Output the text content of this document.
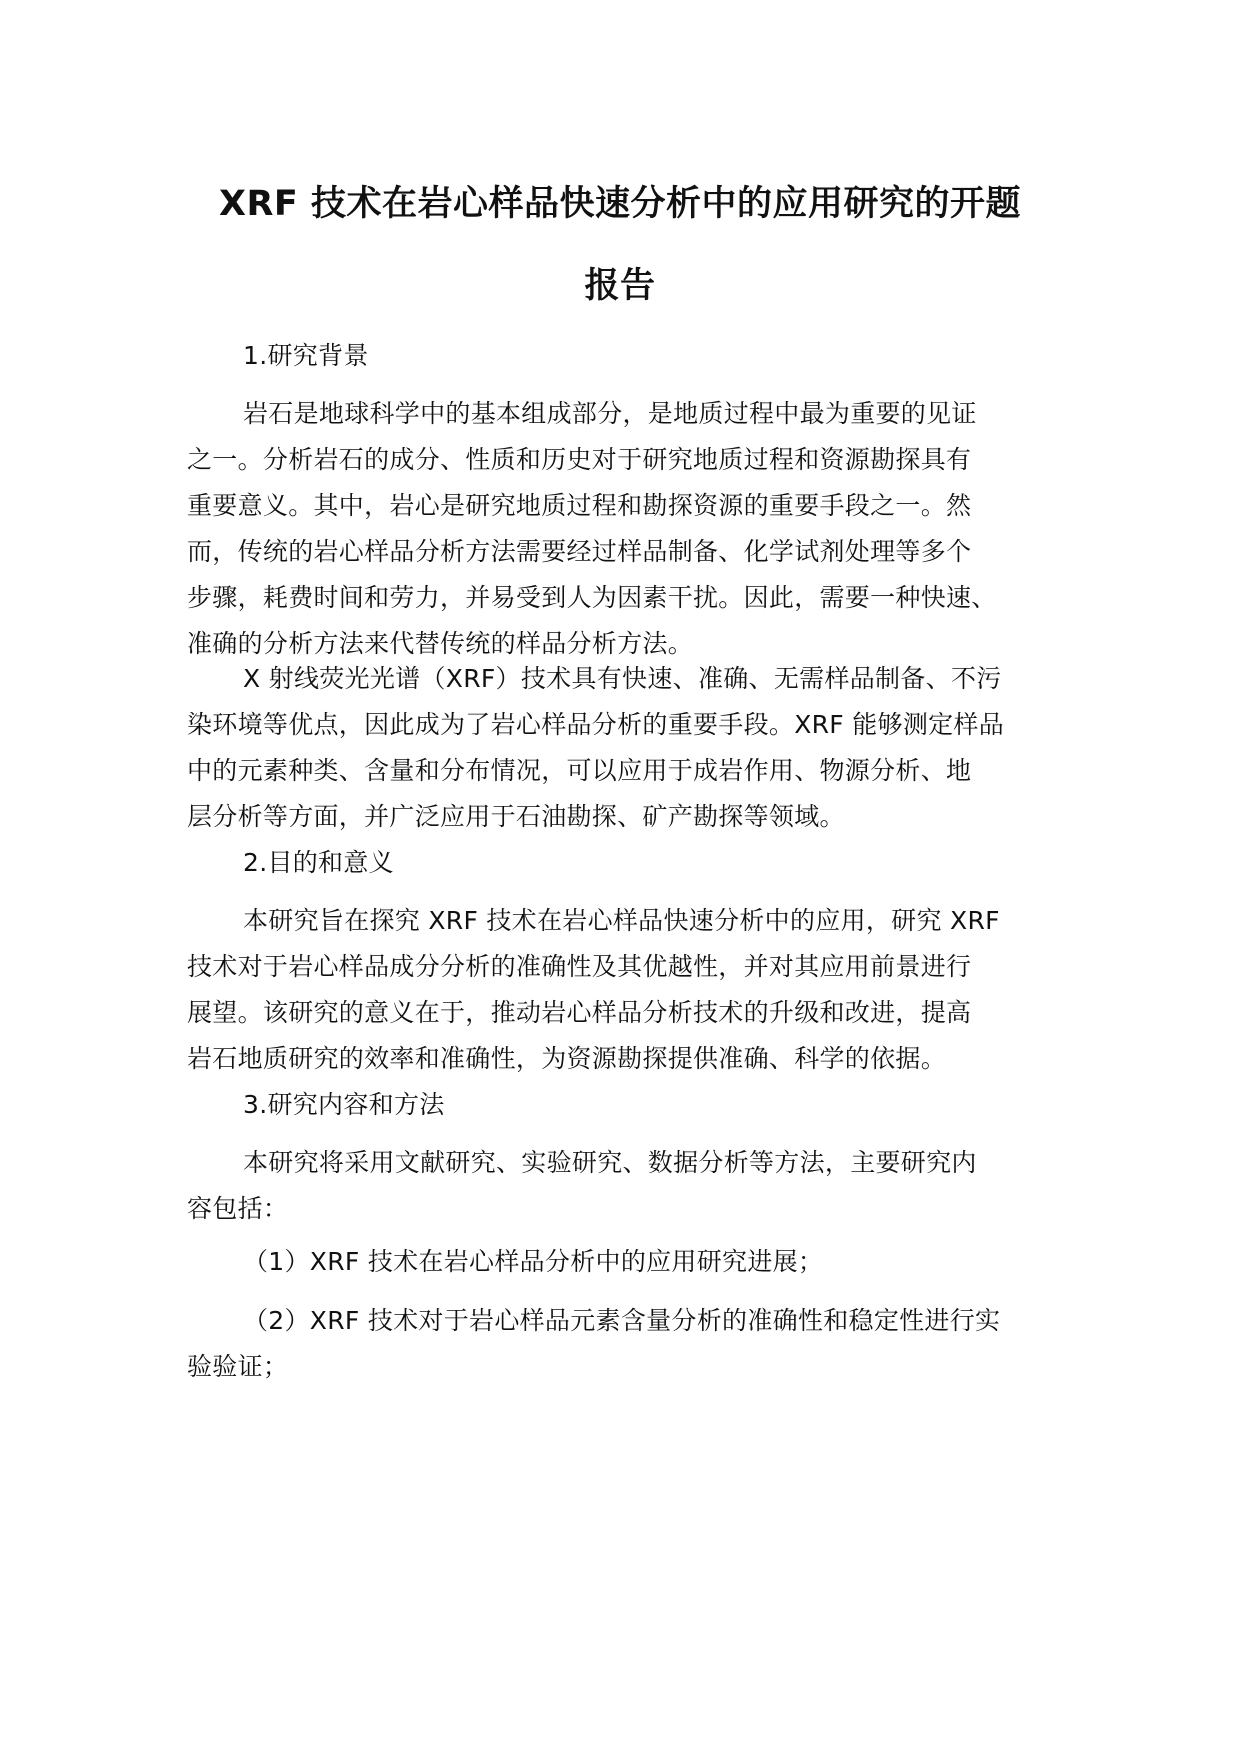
XRF 技术在岩心样品快速分析中的应用研究的开题
报告
1.研究背景
岩石是地球科学中的基本组成部分，是地质过程中最为重要的见证
之一。分析岩石的成分、性质和历史对于研究地质过程和资源勘探具有
重要意义。其中，岩心是研究地质过程和勘探资源的重要手段之一。然
而，传统的岩心样品分析方法需要经过样品制备、化学试剂处理等多个
步骤，耗费时间和劳力，并易受到人为因素干扰。因此，需要一种快速、
准确的分析方法来代替传统的样品分析方法。
X 射线荧光光谱（XRF）技术具有快速、准确、无需样品制备、不污
染环境等优点，因此成为了岩心样品分析的重要手段。XRF 能够测定样品
中的元素种类、含量和分布情况，可以应用于成岩作用、物源分析、地
层分析等方面，并广泛应用于石油勘探、矿产勘探等领域。
2.目的和意义
本研究旨在探究 XRF 技术在岩心样品快速分析中的应用，研究 XRF
技术对于岩心样品成分分析的准确性及其优越性，并对其应用前景进行
展望。该研究的意义在于，推动岩心样品分析技术的升级和改进，提高
岩石地质研究的效率和准确性，为资源勘探提供准确、科学的依据。
3.研究内容和方法
本研究将采用文献研究、实验研究、数据分析等方法，主要研究内
容包括：
（1）XRF 技术在岩心样品分析中的应用研究进展；
（2）XRF 技术对于岩心样品元素含量分析的准确性和稳定性进行实
验验证；
